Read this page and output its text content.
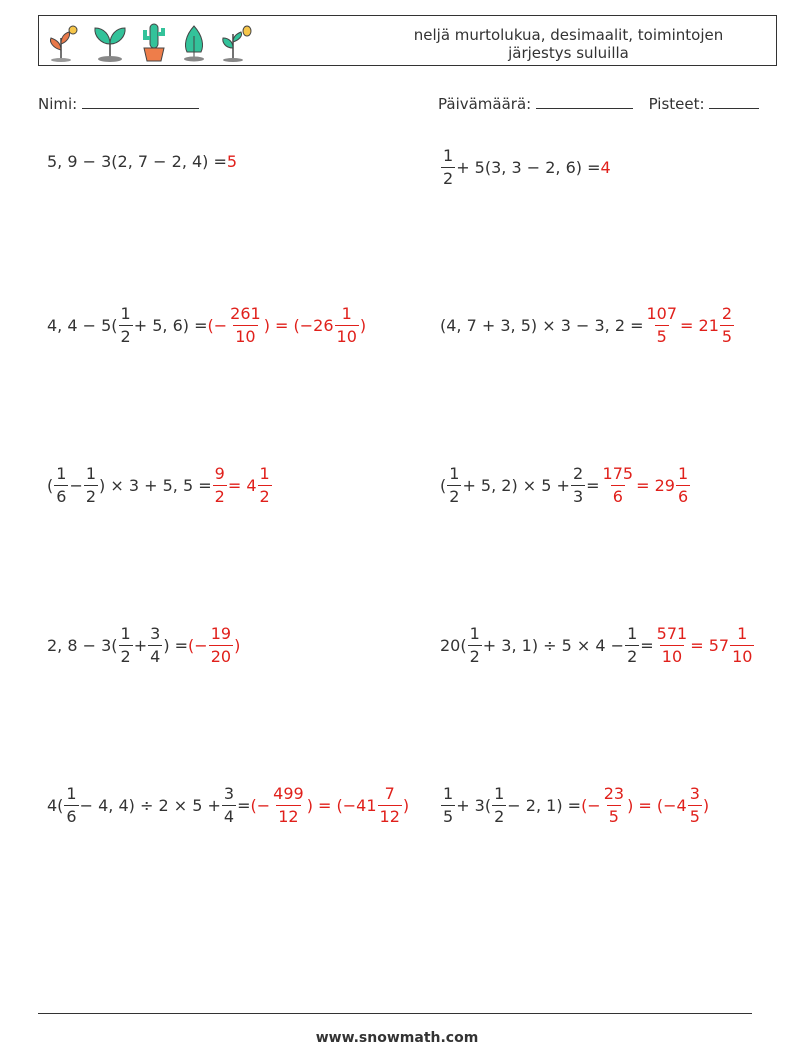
neljä murtolukua, desimaalit, toimintojen
järjestys suluilla
Nimi:	Päivämäärä:	Pisteet:
5, 9 − 3(2, 7 − 2, 4) = 5	$\frac{1}{2} + 5(3$, 3 − 2, 6) = 4
4, $4 - 5( \frac{1}{2} + 5$, 6) = (− $\frac{261}{10}$ ) = ($-26 \frac{1}{10}$ )	(4, 7 + 3, 5) × 3 − 3, $2 = \frac{107}{5} = 21 \frac{2}{5}$
( $\frac{1}{6} - \frac{1}{2}$ ) × 3 + 5, $5 = \frac{9}{2} = 4 \frac{1}{2}$	( $\frac{1}{2} + 5$, $2) \times 5 + \frac{2}{3} = \frac{175}{6} = 29 \frac{1}{6}$
2, $8 - 3( \frac{1}{2} + \frac{3}{4}$ ) = (− $\frac{19}{20}$ )	$20( \frac{1}{2} + 3$, $1) \div 5 \times 4 - \frac{1}{2} = \frac{571}{10} = 57 \frac{1}{10}$
$4( \frac{1}{6} - 4$, $4) \div 2 \times 5 + \frac{3}{4}$ = (− $\frac{499}{12}$ ) = ($-41 \frac{7}{12}$ ) $\frac{1}{5} + 3( \frac{1}{2} - 2$, 1) = (− $\frac{23}{5}$ ) = ($-4 \frac{3}{5}$ )
www.snowmath.com
